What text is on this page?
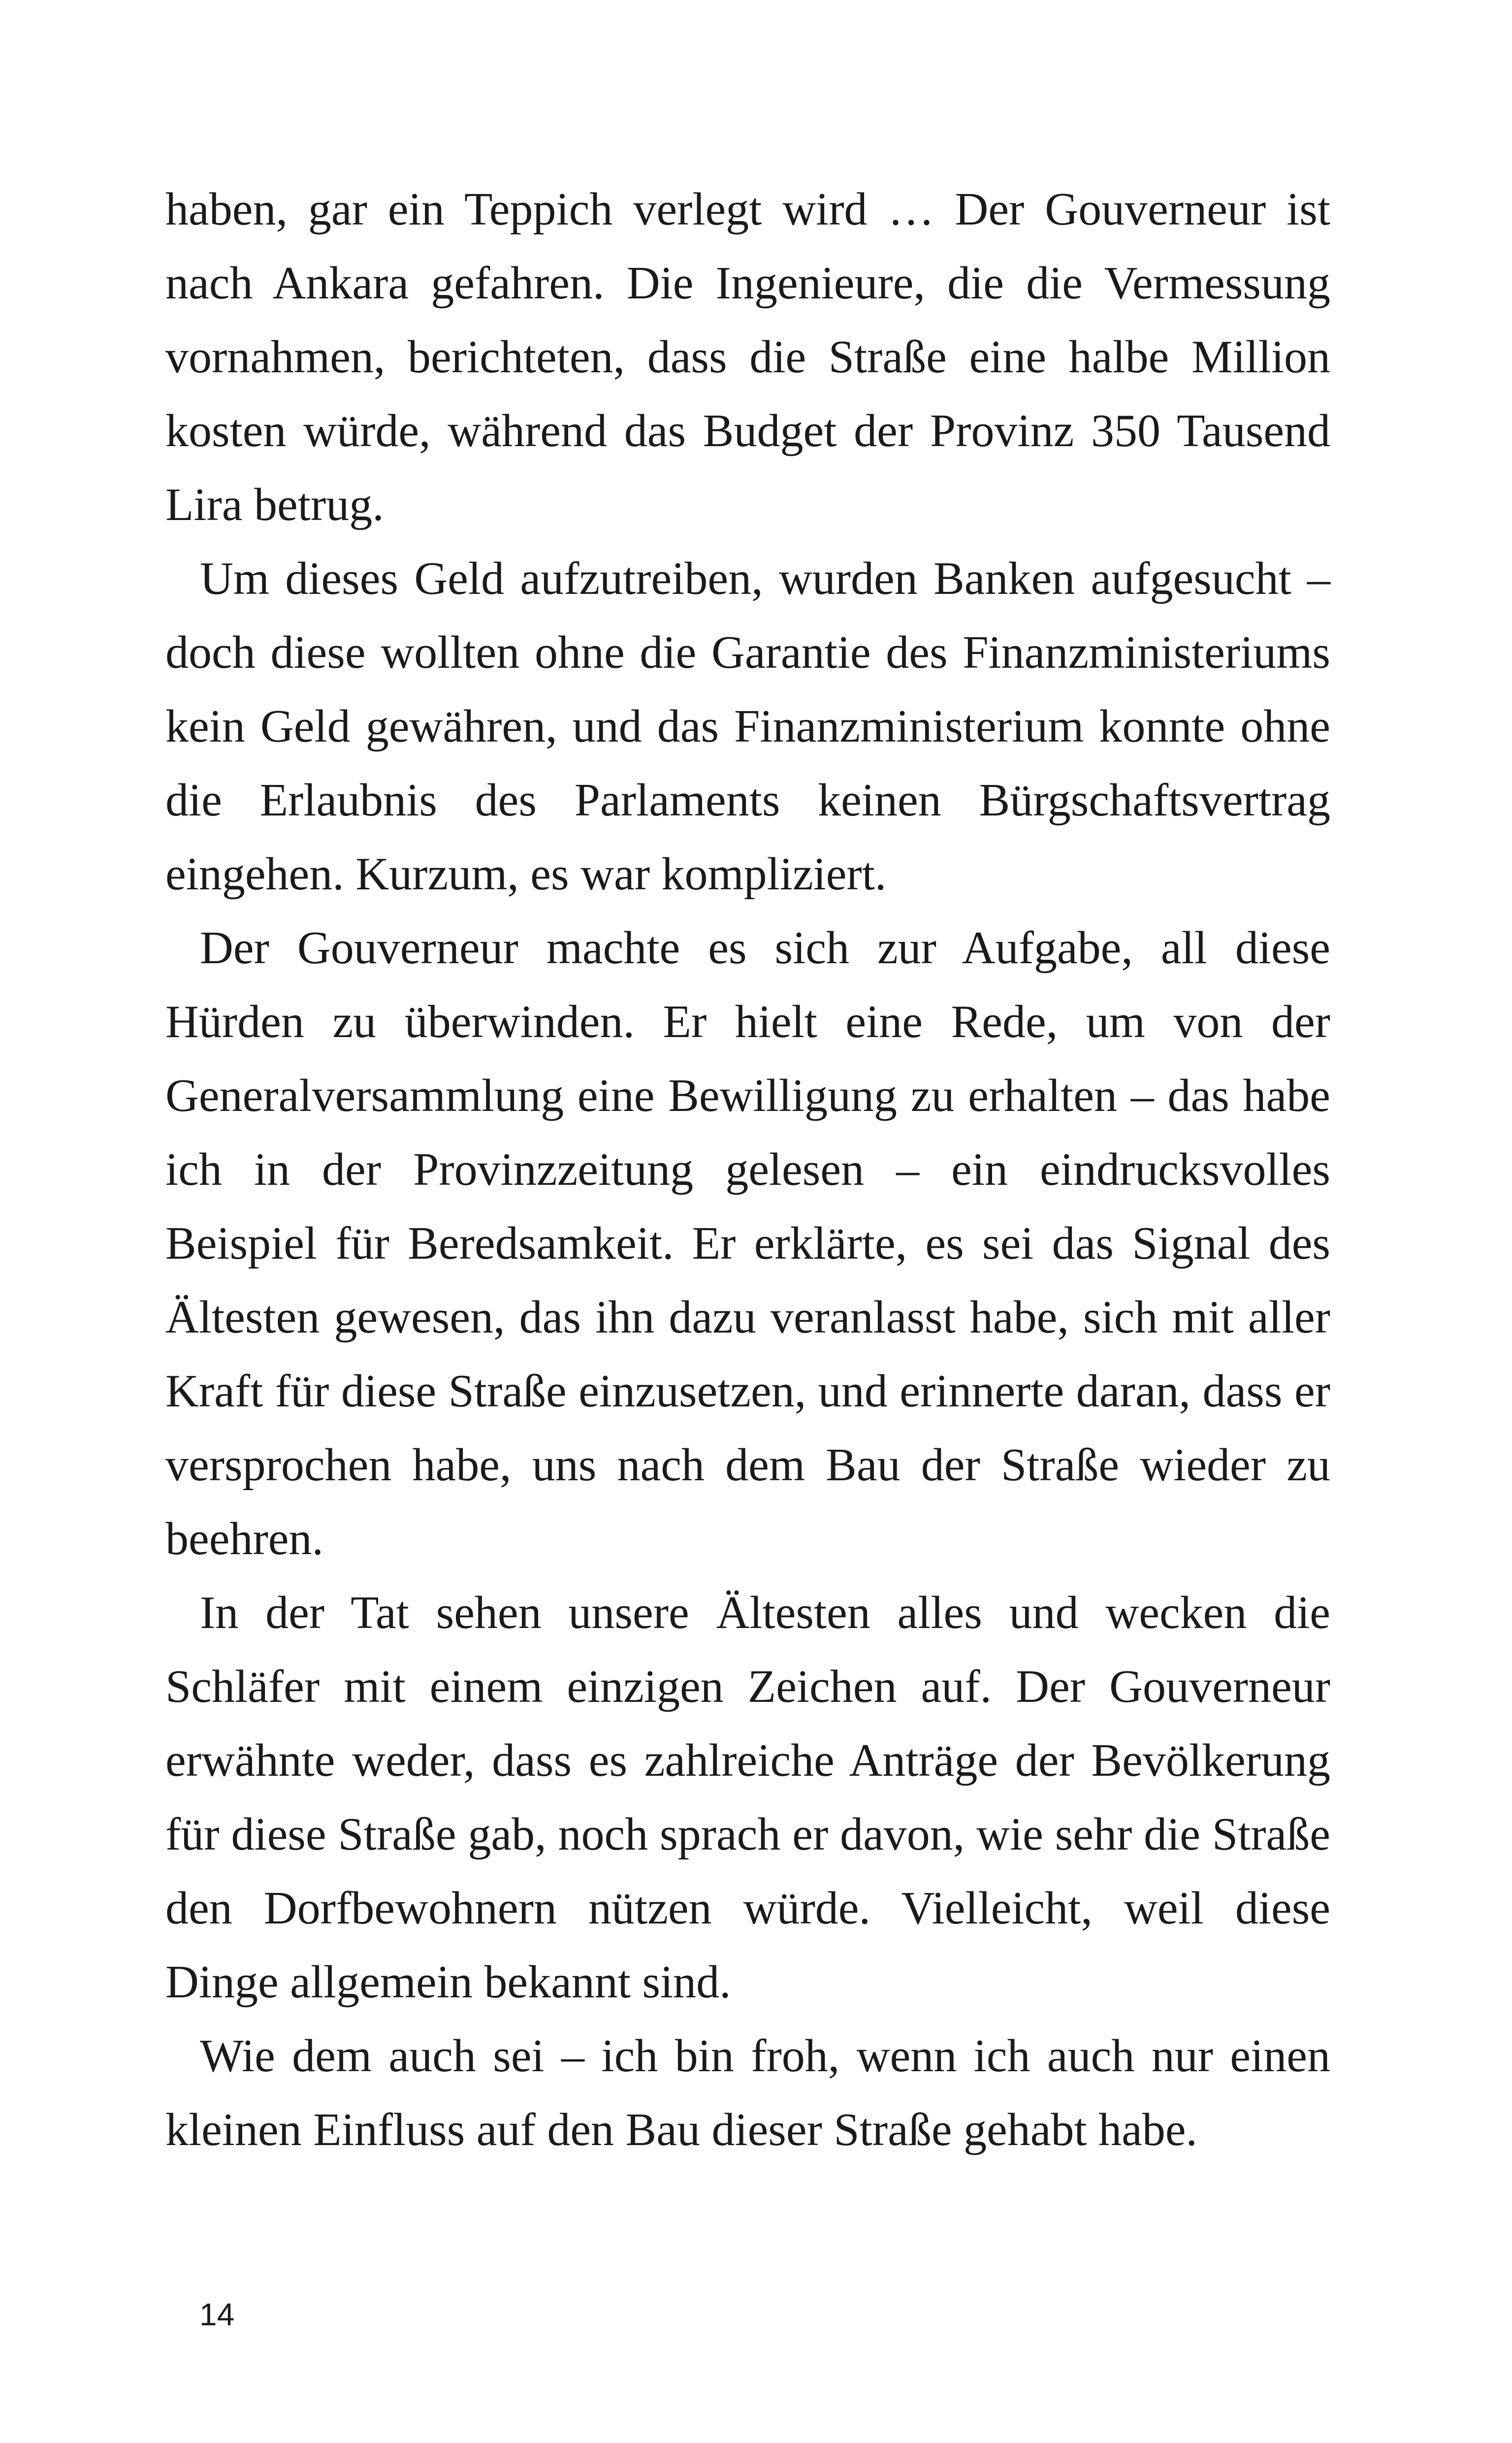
haben, gar ein Teppich verlegt wird … Der Gouverneur ist nach Ankara gefahren. Die Ingenieure, die die Vermessung vornahmen, berichteten, dass die Straße eine halbe Million kosten würde, während das Budget der Provinz 350 Tausend Lira betrug.

Um dieses Geld aufzutreiben, wurden Banken aufgesucht – doch diese wollten ohne die Garantie des Finanzministeriums kein Geld gewähren, und das Finanzministerium konnte ohne die Erlaubnis des Parlaments keinen Bürgschaftsvertrag eingehen. Kurzum, es war kompliziert.

Der Gouverneur machte es sich zur Aufgabe, all diese Hürden zu überwinden. Er hielt eine Rede, um von der Generalversammlung eine Bewilligung zu erhalten – das habe ich in der Provinzzeitung gelesen – ein eindrucksvolles Beispiel für Beredsamkeit. Er erklärte, es sei das Signal des Ältesten gewesen, das ihn dazu veranlasst habe, sich mit aller Kraft für diese Straße einzusetzen, und erinnerte daran, dass er versprochen habe, uns nach dem Bau der Straße wieder zu beehren.

In der Tat sehen unsere Ältesten alles und wecken die Schläfer mit einem einzigen Zeichen auf. Der Gouverneur erwähnte weder, dass es zahlreiche Anträge der Bevölkerung für diese Straße gab, noch sprach er davon, wie sehr die Straße den Dorfbewohnern nützen würde. Vielleicht, weil diese Dinge allgemein bekannt sind.

Wie dem auch sei – ich bin froh, wenn ich auch nur einen kleinen Einfluss auf den Bau dieser Straße gehabt habe.

14
